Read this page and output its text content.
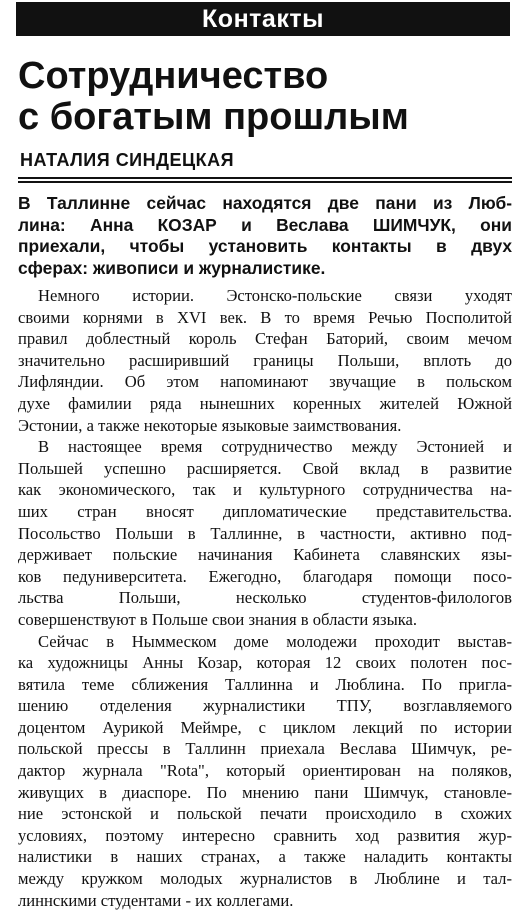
Контакты
Сотрудничество
с богатым прошлым
НАТАЛИЯ СИНДЕЦКАЯ
В Таллинне сейчас находятся две пани из Люб-
лина: Анна КОЗАР и Веслава ШИМЧУК, они
приехали, чтобы установить контакты в двух
сферах: живописи и журналистике.
Немного истории. Эстонско-польские связи уходят
своими корнями в XVI век. В то время Речью Посполитой
правил доблестный король Стефан Баторий, своим мечом
значительно расширивший границы Польши, вплоть до
Лифляндии. Об этом напоминают звучащие в польском
духе фамилии ряда нынешних коренных жителей Южной
Эстонии, а также некоторые языковые заимствования.
В настоящее время сотрудничество между Эстонией и
Польшей успешно расширяется. Свой вклад в развитие
как экономического, так и культурного сотрудничества на-
ших стран вносят дипломатические представительства.
Посольство Польши в Таллинне, в частности, активно под-
держивает польские начинания Кабинета славянских язы-
ков педуниверситета. Ежегодно, благодаря помощи посо-
льства Польши, несколько студентов-филологов
совершенствуют в Польше свои знания в области языка.
Сейчас в Ныммеском доме молодежи проходит выстав-
ка художницы Анны Козар, которая 12 своих полотен пос-
вятила теме сближения Таллинна и Люблина. По пригла-
шению отделения журналистики ТПУ, возглавляемого
доцентом Аурикой Меймре, с циклом лекций по истории
польской прессы в Таллинн приехала Веслава Шимчук, ре-
дактор журнала "Rota", который ориентирован на поляков,
живущих в диаспоре. По мнению пани Шимчук, становле-
ние эстонской и польской печати происходило в схожих
условиях, поэтому интересно сравнить ход развития жур-
налистики в наших странах, а также наладить контакты
между кружком молодых журналистов в Люблине и тал-
линнскими студентами - их коллегами.
